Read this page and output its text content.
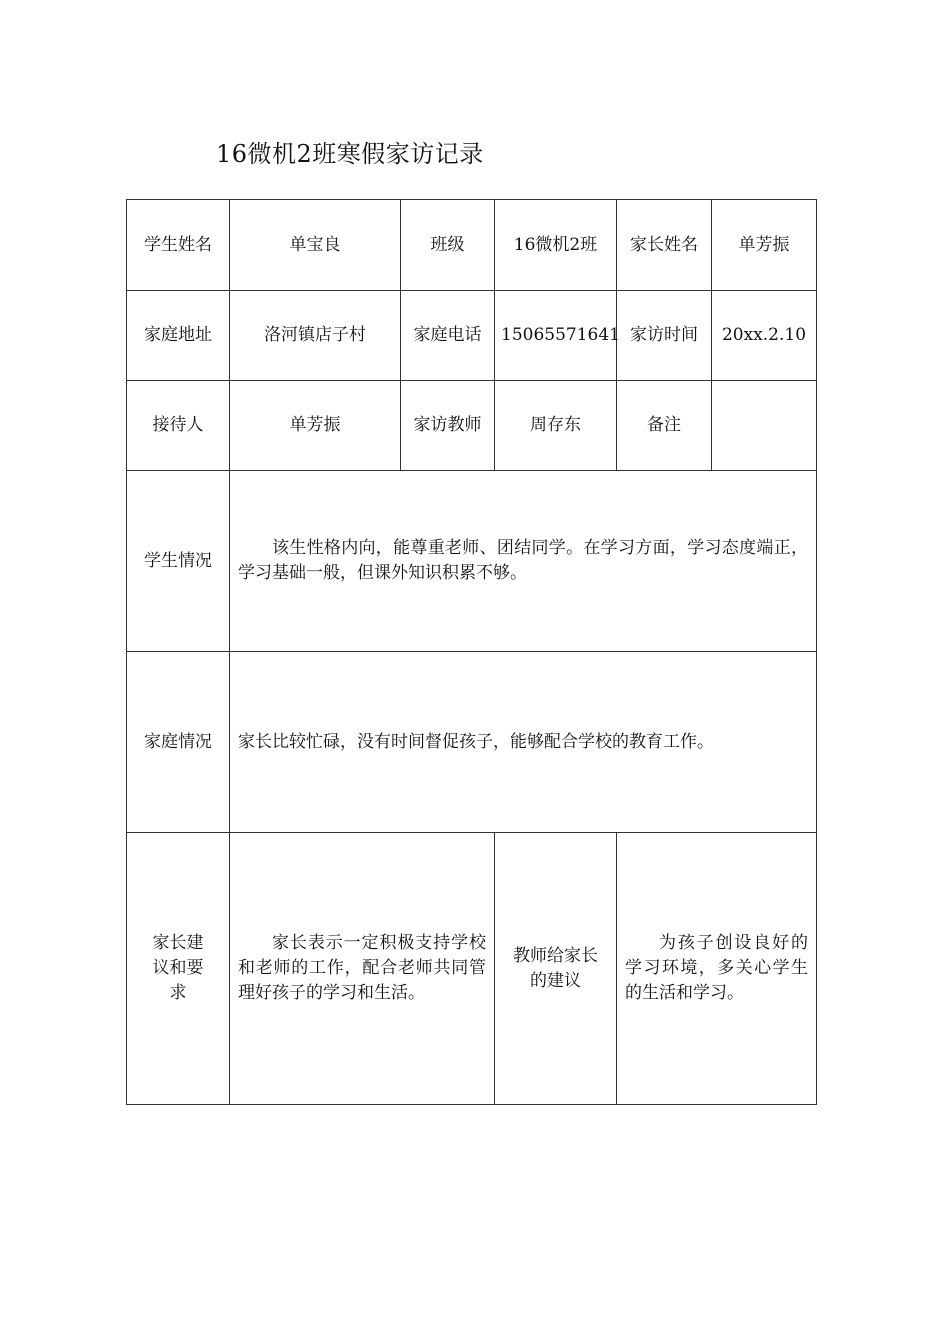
16微机2班寒假家访记录
学生姓名	单宝良	班级	16微机2班	家长姓名	单芳振
家庭地址	洛河镇店子村	家庭电话	15065571641	家访时间	20xx.2.10
接待人	单芳振	家访教师	周存东	备注	
学生情况	该生性格内向，能尊重老师、团结同学。在学习方面，学习态度端正，学习基础一般，但课外知识积累不够。				
家庭情况	家长比较忙碌，没有时间督促孩子，能够配合学校的教育工作。				
家长建议和要求	家长表示一定积极支持学校和老师的工作，配合老师共同管理好孩子的学习和生活。		教师给家长的建议	为孩子创设良好的学习环境，多关心学生的生活和学习。	
